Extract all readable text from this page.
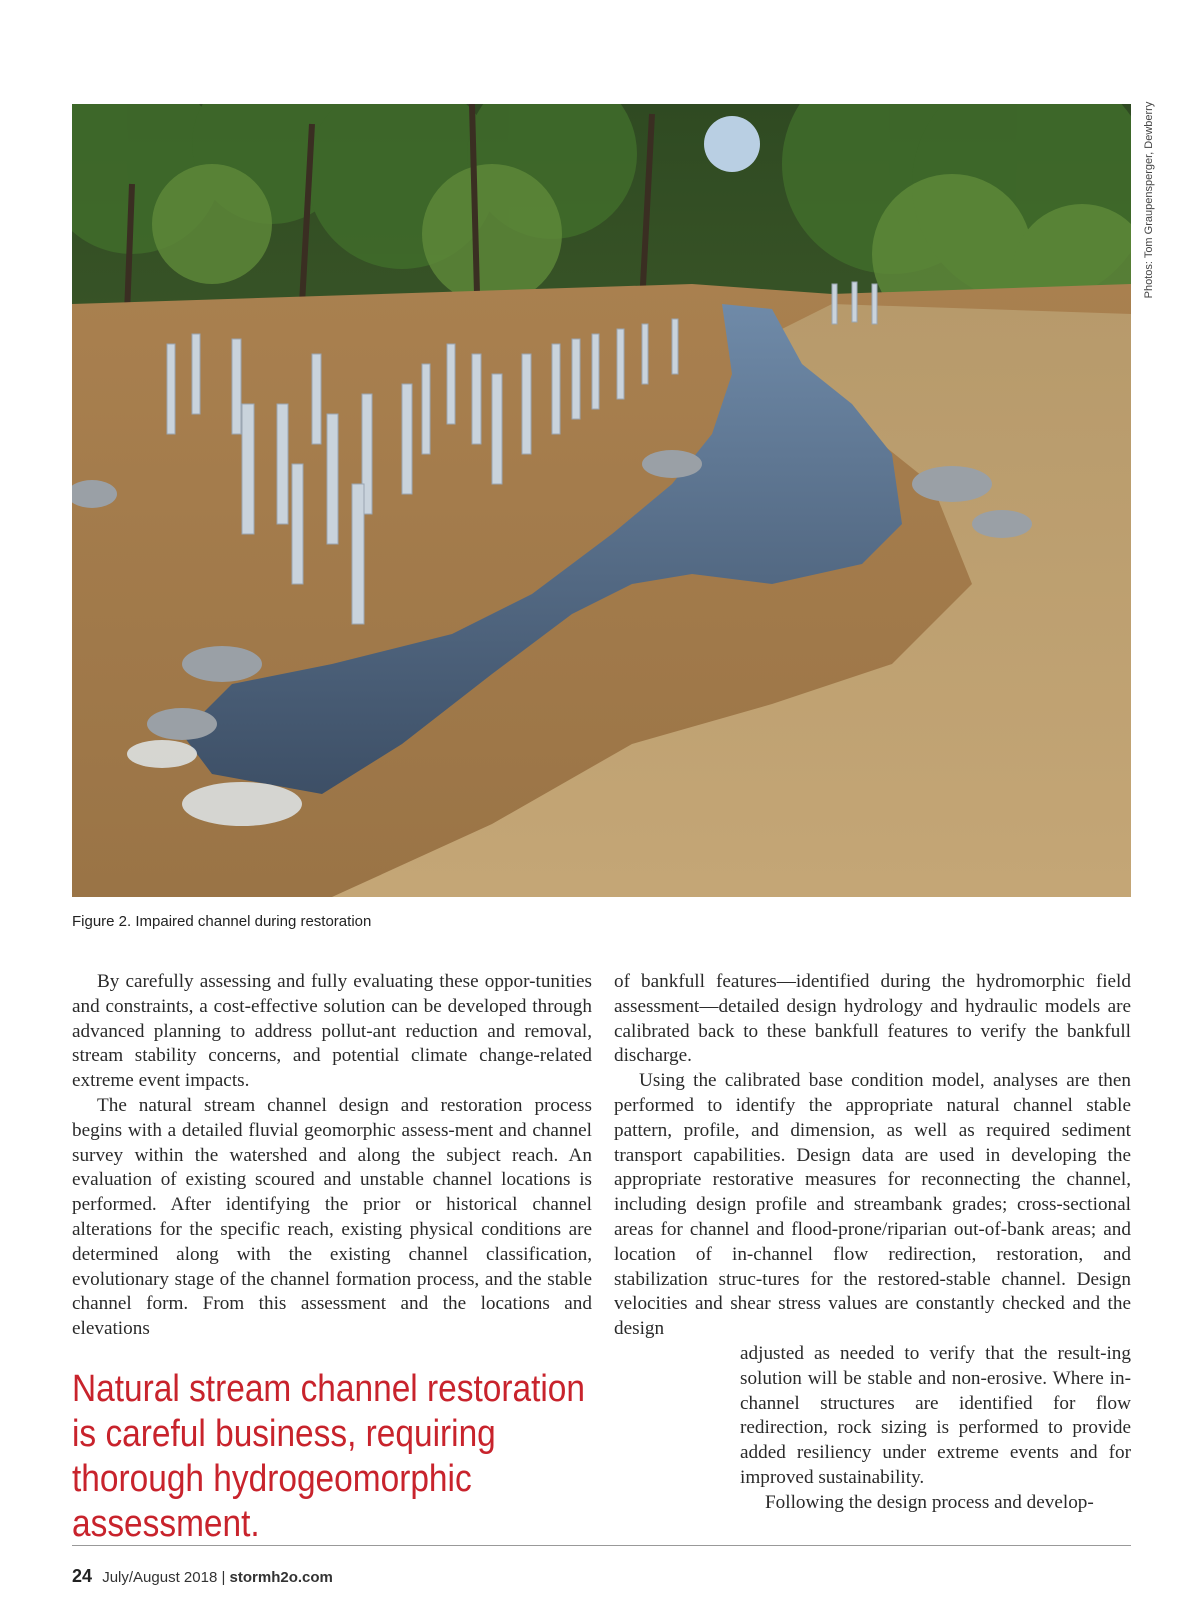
Photos: Tom Graupensperger, Dewberry
Figure 2. Impaired channel during restoration

By carefully assessing and fully evaluating these oppor-tunities and constraints, a cost-effective solution can be developed through advanced planning to address pollut-ant reduction and removal, stream stability concerns, and potential climate change-related extreme event impacts.

The natural stream channel design and restoration process begins with a detailed fluvial geomorphic assess-ment and channel survey within the watershed and along the subject reach. An evaluation of existing scoured and unstable channel locations is performed. After identifying the prior or historical channel alterations for the specific reach, existing physical conditions are determined along with the existing channel classification, evolutionary stage of the channel formation process, and the stable channel form. From this assessment and the locations and elevations

of bankfull features—identified during the hydromorphic field assessment—detailed design hydrology and hydraulic models are calibrated back to these bankfull features to verify the bankfull discharge.

Using the calibrated base condition model, analyses are then performed to identify the appropriate natural channel stable pattern, profile, and dimension, as well as required sediment transport capabilities. Design data are used in developing the appropriate restorative measures for reconnecting the channel, including design profile and streambank grades; cross-sectional areas for channel and flood-prone/riparian out-of-bank areas; and location of in-channel flow redirection, restoration, and stabilization struc-tures for the restored-stable channel. Design velocities and shear stress values are constantly checked and the design

adjusted as needed to verify that the result-ing solution will be stable and non-erosive. Where in-channel structures are identified for flow redirection, rock sizing is performed to provide added resiliency under extreme events and for improved sustainability.

Following the design process and develop-

Natural stream channel restoration is careful business, requiring thorough hydrogeomorphic assessment.
24 July/August 2018 | stormh2o.com
